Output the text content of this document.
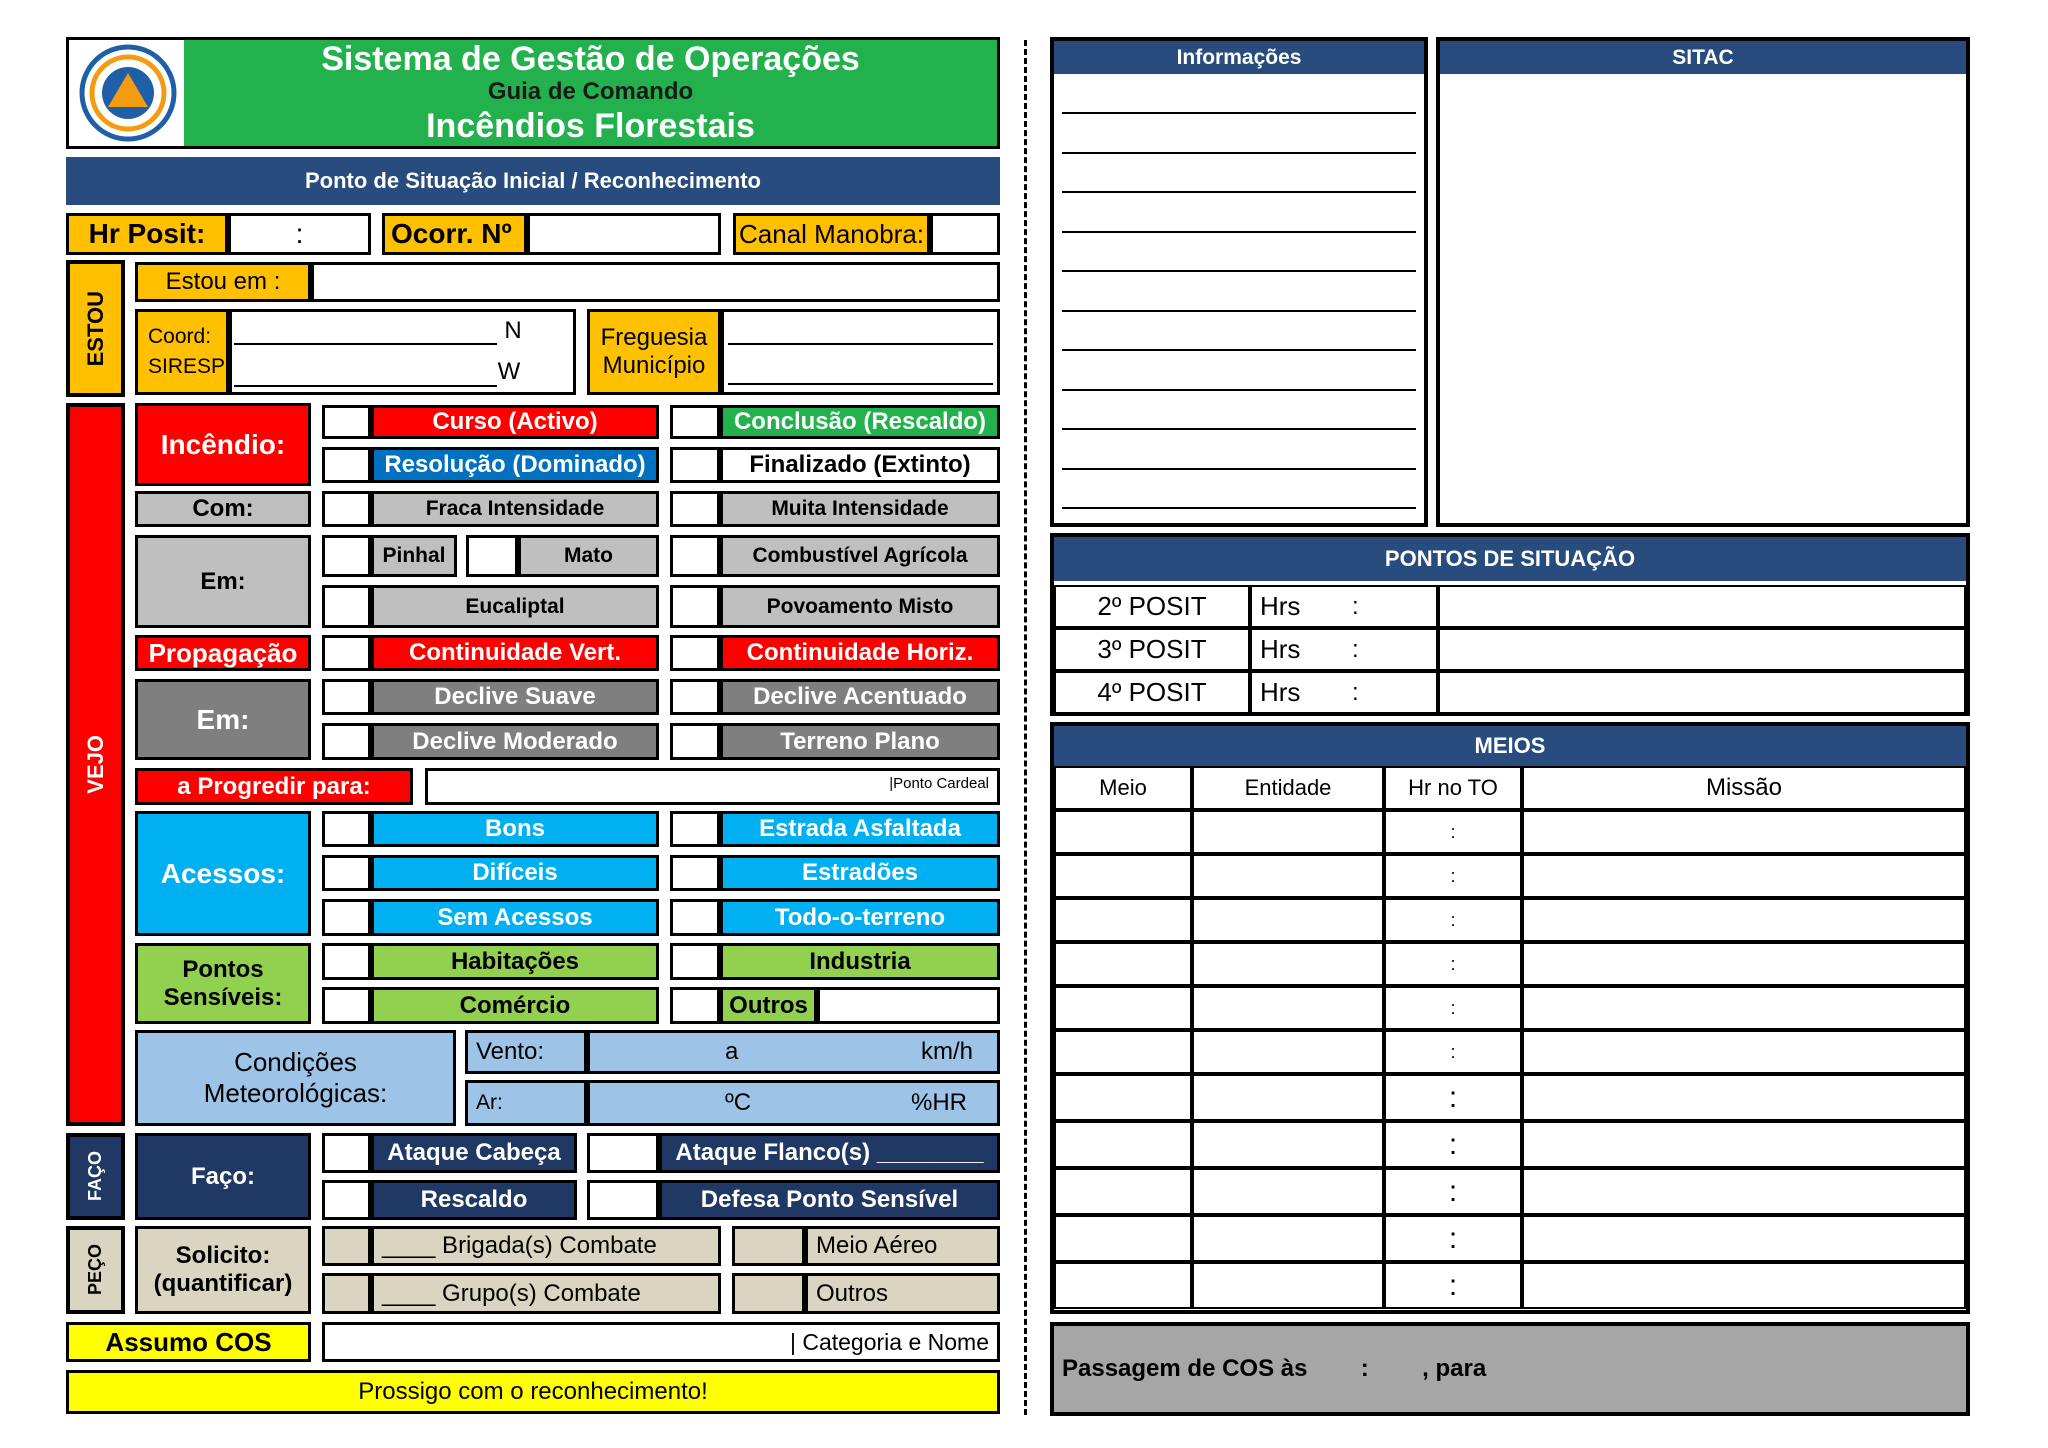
Sistema de Gestão de Operações
Guia de Comando
Incêndios Florestais
Ponto de Situação Inicial / Reconhecimento
Hr Posit:	:	Ocorr. Nº	Canal Manobra:
ESTOU
Estou em :
Coord:
SIRESP
N
W
Freguesia
Município
VEJO
Incêndio:
Curso (Activo)	Conclusão (Rescaldo)
Resolução (Dominado)	Finalizado (Extinto)
Com:	Fraca Intensidade	Muita Intensidade
Em:
Pinhal	Mato	Combustível Agrícola
Eucaliptal	Povoamento Misto
Propagação	Continuidade Vert.	Continuidade Horiz.
Em:
Declive Suave	Declive Acentuado
Declive Moderado	Terreno Plano
a Progredir para:	|Ponto Cardeal
Acessos:
Bons	Estrada Asfaltada
Difíceis	Estradões
Sem Acessos	Todo-o-terreno
Pontos
Sensíveis:
Habitações	Industria
Comércio	Outros
Condições
Meteorológicas:
Vento:	a	km/h
Ar:	ºC	%HR
FAÇO	Faço:
Ataque Cabeça	Ataque Flanco(s) ________
Rescaldo	Defesa Ponto Sensível
PEÇO	Solicito:
(quantificar)
____ Brigada(s) Combate	Meio Aéreo
____ Grupo(s) Combate	Outros
Assumo COS	| Categoria e Nome
Prossigo com o reconhecimento!
Informações	SITAC
PONTOS DE SITUAÇÃO
2º POSIT	Hrs :
3º POSIT	Hrs :
4º POSIT	Hrs :
MEIOS
Meio	Entidade	Hr no TO	Missão
:
:
:
:
:
:
:
:
:
:
:
Passagem de COS às        :        , para
